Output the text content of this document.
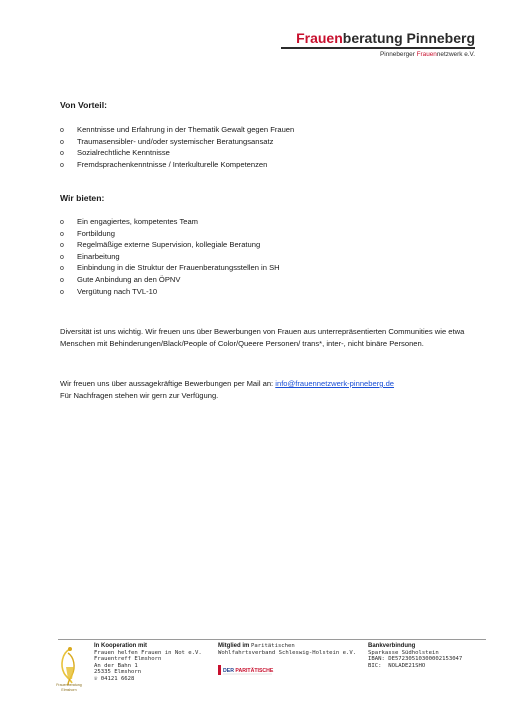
Frauenberatung Pinneberg
Pinneberger Frauennetzwerk e.V.
Von Vorteil:
o Kenntnisse und Erfahrung in der Thematik Gewalt gegen Frauen
o Traumasensibler- und/oder systemischer Beratungsansatz
o Sozialrechtliche Kenntnisse
o Fremdsprachenkenntnisse / Interkulturelle Kompetenzen
Wir bieten:
o Ein engagiertes, kompetentes Team
o Fortbildung
o Regelmäßige externe Supervision, kollegiale Beratung
o Einarbeitung
o Einbindung in die Struktur der Frauenberatungsstellen in SH
o Gute Anbindung an den ÖPNV
o Vergütung nach TVL-10

Diversität ist uns wichtig. Wir freuen uns über Bewerbungen von Frauen aus unterrepräsentierten Communities wie etwa Menschen mit Behinderungen/Black/People of Color/Queere Personen/ trans*, inter-, nicht binäre Personen.

Wir freuen uns über aussagekräftige Bewerbungen per Mail an: info@frauennetzwerk-pinneberg.de
Für Nachfragen stehen wir gern zur Verfügung.
Frauenberatung
Elmshorn
In Kooperation mit
Frauen helfen Frauen in Not e.V.
Frauentreff Elmshorn
An der Bahn 1
25335 Elmshorn
☏ 04121 6628
Mitglied im Paritätischen
Wohlfahrtsverband Schleswig-Holstein e.V.
DER PARITÄTISCHE
Bankverbindung
Sparkasse Südholstein
IBAN: DE57230510300002153047
BIC:  NOLADE21SHO
